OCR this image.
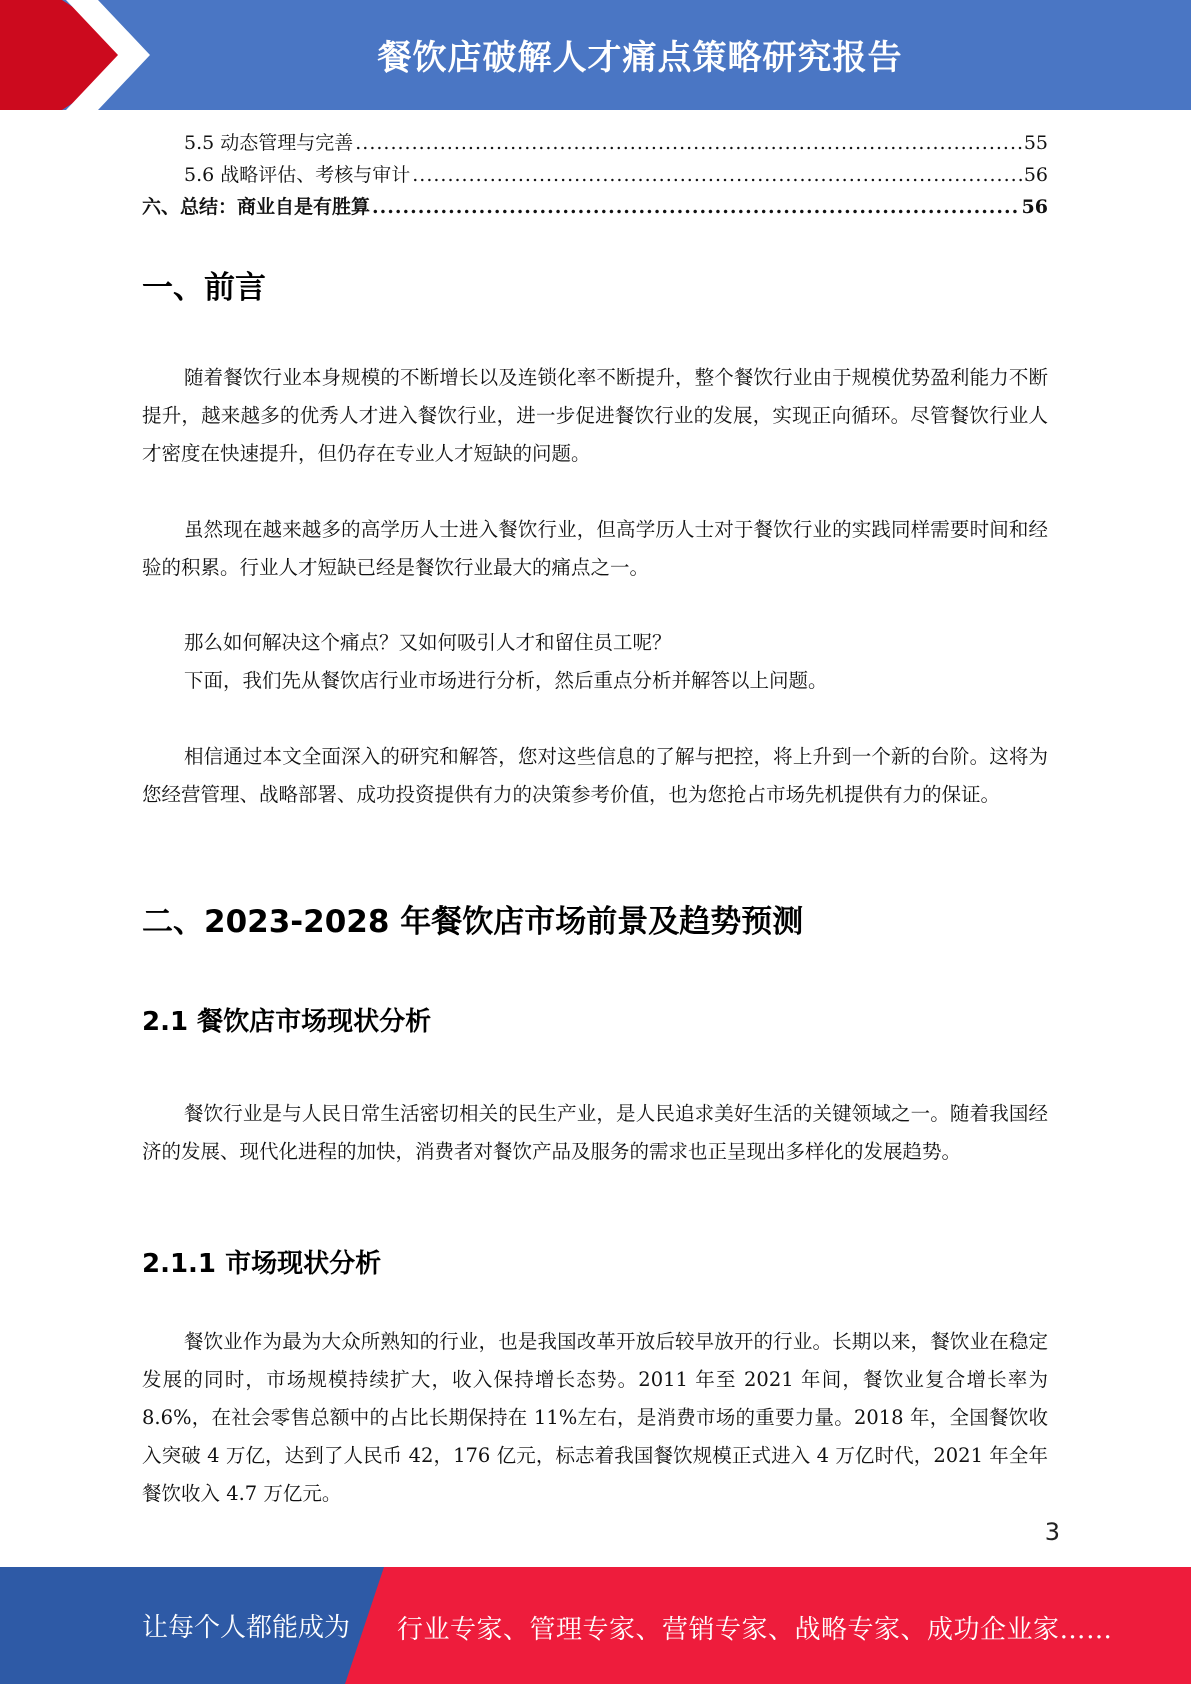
餐饮店破解人才痛点策略研究报告
5.5 动态管理与完善 .....	55
5.6 战略评估、考核与审计 .....	56
六、总结：商业自是有胜算 .....	56
一、前言

随着餐饮行业本身规模的不断增长以及连锁化率不断提升，整个餐饮行业由于规模优势盈利能力不断提升，越来越多的优秀人才进入餐饮行业，进一步促进餐饮行业的发展，实现正向循环。尽管餐饮行业人才密度在快速提升，但仍存在专业人才短缺的问题。

虽然现在越来越多的高学历人士进入餐饮行业，但高学历人士对于餐饮行业的实践同样需要时间和经验的积累。行业人才短缺已经是餐饮行业最大的痛点之一。

那么如何解决这个痛点？又如何吸引人才和留住员工呢？

下面，我们先从餐饮店行业市场进行分析，然后重点分析并解答以上问题。

相信通过本文全面深入的研究和解答，您对这些信息的了解与把控，将上升到一个新的台阶。这将为您经营管理、战略部署、成功投资提供有力的决策参考价值，也为您抢占市场先机提供有力的保证。

二、2023-2028 年餐饮店市场前景及趋势预测
2.1 餐饮店市场现状分析

餐饮行业是与人民日常生活密切相关的民生产业，是人民追求美好生活的关键领域之一。随着我国经济的发展、现代化进程的加快，消费者对餐饮产品及服务的需求也正呈现出多样化的发展趋势。

2.1.1 市场现状分析

餐饮业作为最为大众所熟知的行业，也是我国改革开放后较早放开的行业。长期以来，餐饮业在稳定发展的同时，市场规模持续扩大，收入保持增长态势。2011 年至 2021 年间，餐饮业复合增长率为 8.6%，在社会零售总额中的占比长期保持在 11%左右，是消费市场的重要力量。2018 年，全国餐饮收入突破 4 万亿，达到了人民币 42，176 亿元，标志着我国餐饮规模正式进入 4 万亿时代，2021 年全年餐饮收入 4.7 万亿元。

3
让每个人都能成为 行业专家、管理专家、营销专家、战略专家、成功企业家……
